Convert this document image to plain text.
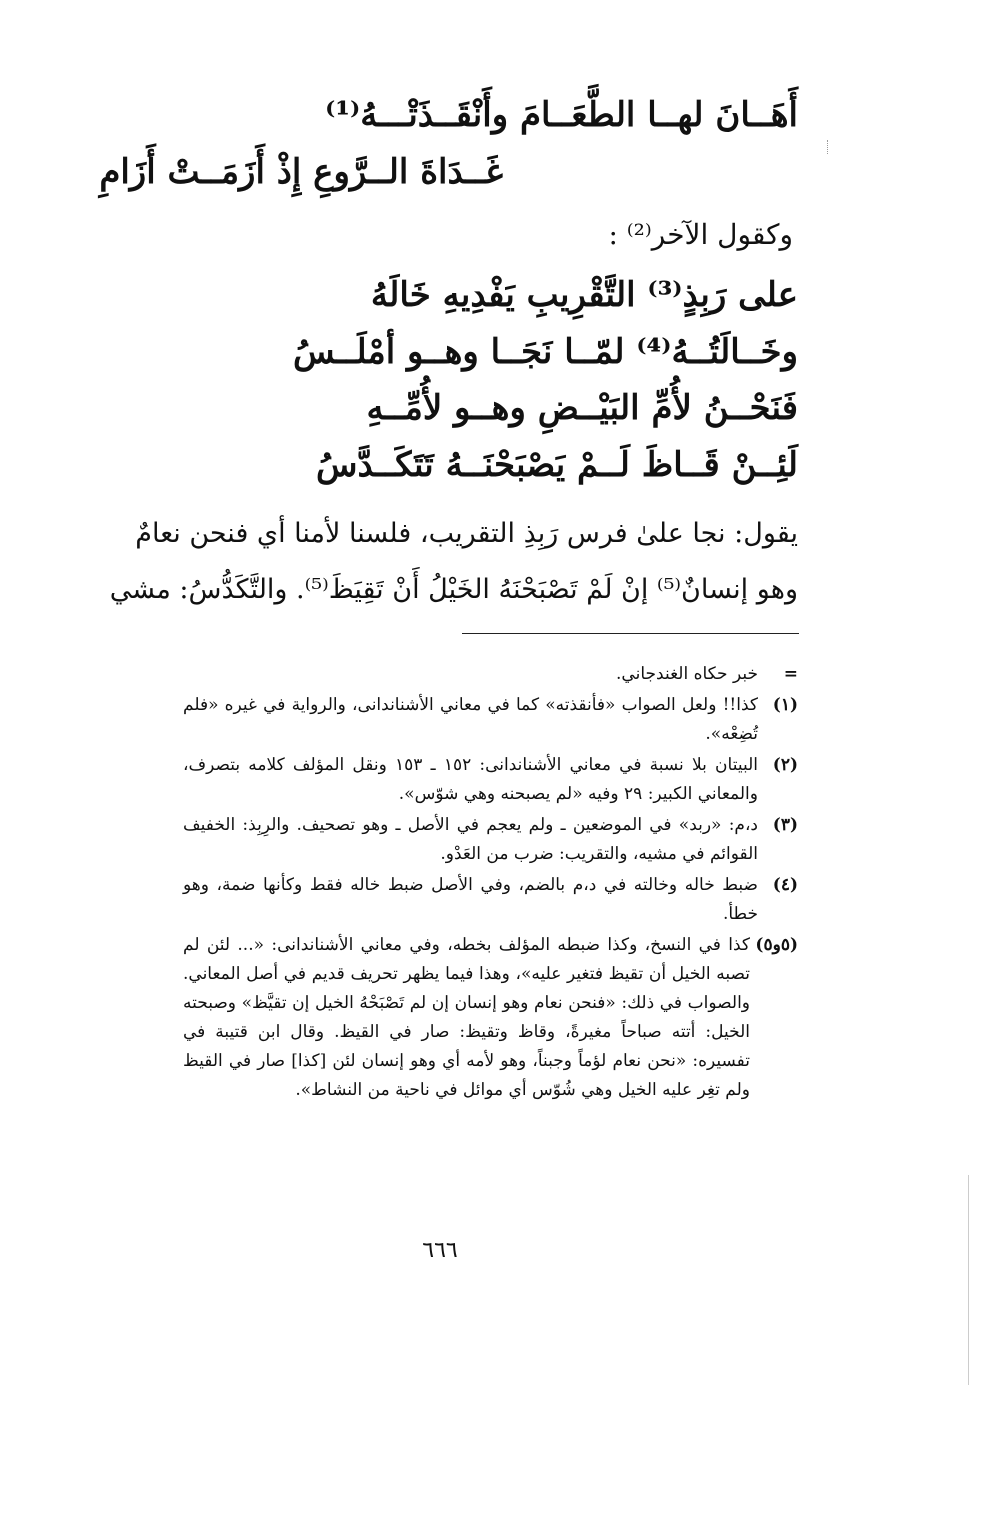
أَهَــانَ لهــا الطَّعَــامَ وأَنْقَــذَتْـــهُ⁽¹⁾
غَــدَاةَ الــرَّوعِ إِذْ أَزَمَــتْ أَزَامِ
وكقول الآخر⁽²⁾ :
على رَبِذٍ⁽³⁾ التَّقْرِيبِ يَفْدِيهِ خَالَهُ
وخَــالَتُــهُ⁽⁴⁾ لمّــا نَجَــا وهــو أمْلَــسُ
فَنَحْــنُ لأُمِّ البَيْــضِ وهــو لأُمِّــهِ
لَئِــنْ قَــاظَ لَــمْ يَصْبَحْنَــهُ تَتَكَــدَّسُ
يقول: نجا علىٰ فرس رَبِذِ التقريب، فلسنا لأمنا أي فنحن نعامٌ
وهو إنسانٌ⁽⁵⁾ إنْ لَمْ تَصْبَحْنَهُ الخَيْلُ أَنْ تَقِيَظَ⁽⁵⁾. والتَّكَدُّسُ: مشي
=
خبر حكاه الغندجاني.
(١)
كذا!! ولعل الصواب «فأنقذته» كما في معاني الأشناندانى، والرواية في غيره «فلم تُضِعْه».
(٢)
البيتان بلا نسبة في معاني الأشناندانى: ١٥٢ ـ ١٥٣ ونقل المؤلف كلامه بتصرف، والمعاني الكبير: ٢٩ وفيه «لم يصبحنه وهي شوّس».
(٣)
د،م: «ربد» في الموضعين ـ ولم يعجم في الأصل ـ وهو تصحيف. والرِبِذ: الخفيف القوائم في مشيه، والتقريب: ضرب من العَدْو.
(٤)
ضبط خاله وخالته في د،م بالضم، وفي الأصل ضبط خاله فقط وكأنها ضمة، وهو خطأ.
(٥و٥)
كذا في النسخ، وكذا ضبطه المؤلف بخطه، وفي معاني الأشناندانى: «... لئن لم تصبه الخيل أن تقيظ فتغير عليه»، وهذا فيما يظهر تحريف قديم في أصل المعاني. والصواب في ذلك: «فنحن نعام وهو إنسان إن لم تَصْبَحْهُ الخيل إن تقيَّظ» وصبحته الخيل: أتته صباحاً مغيرةً، وقاظ وتقيظ: صار في القيظ. وقال ابن قتيبة في تفسيره: «نحن نعام لؤماً وجبناً، وهو لأمه أي وهو إنسان لئن [كذا] صار في القيظ ولم تغِر عليه الخيل وهي شُوّس أي موائل في ناحية من النشاط».
٦٦٦
